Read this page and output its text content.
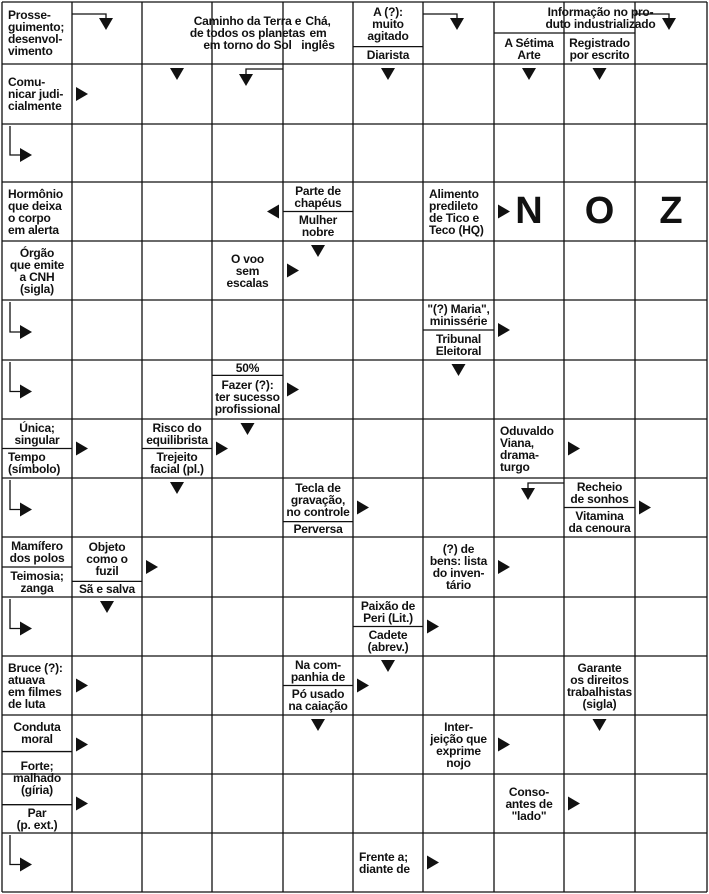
Prosse-
guimento;
desenvol-
vimento
Caminho da Terra e
de todos os planetas
em torno do Sol
Chá,
em
inglês
A (?):
muito
agitado
Diarista
Informação no pro-
duto industrializado
A Sétima
Arte
Registrado
por escrito
Comu-
nicar judi-
cialmente
Hormônio
que deixa
o corpo
em alerta
Parte de
chapéus
Mulher
nobre
Alimento
predileto
de Tico e
Teco (HQ)
Órgão
que emite
a CNH
(sigla)
O voo
sem
escalas
"(?) Maria",
minissérie
Tribunal
Eleitoral
50%
Fazer (?):
ter sucesso
profissional
Única;
singular
Tempo
(símbolo)
Risco do
equilibrista
Trejeito
facial (pl.)
Oduvaldo
Viana,
drama-
turgo
Tecla de
gravação,
no controle
Recheio
de sonhos
Perversa
Vitamina
da cenoura
Mamífero
dos polos
Objeto
como o
fuzil
(?) de
bens: lista
do inven-
tário
Teimosia;
zanga	Sã e salva
Paixão de
Peri (Lit.)
Cadete
(abrev.)
Bruce (?):
atuava
em filmes
de luta
Na com-
panhia de
Pó usado
na caiação
Garante
os direitos
trabalhistas
(sigla)
Conduta
moral
Inter-
jeição que
exprime
nojo
Forte;
malhado
(gíria)	Conso-
antes de
"lado"
Par
(p. ext.)
Frente a;
diante de
N	O	Z
